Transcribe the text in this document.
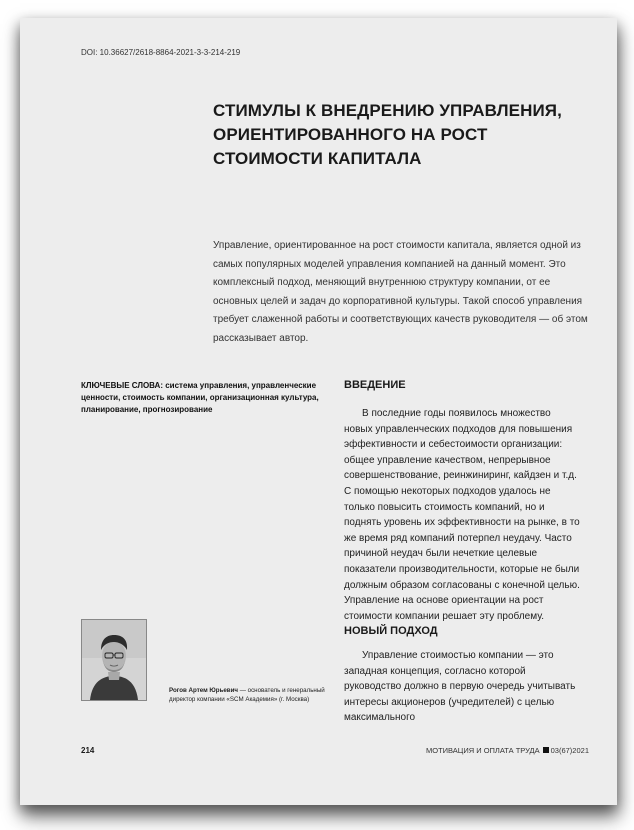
DOI: 10.36627/2618-8864-2021-3-3-214-219
СТИМУЛЫ К ВНЕДРЕНИЮ УПРАВЛЕНИЯ, ОРИЕНТИРОВАННОГО НА РОСТ СТОИМОСТИ КАПИТАЛА
Управление, ориентированное на рост стоимости капитала, является одной из самых популярных моделей управления компанией на данный момент. Это комплексный подход, меняющий внутреннюю структуру компании, от ее основных целей и задач до корпоративной культуры. Такой способ управления требует слаженной работы и соответствующих качеств руководителя — об этом рассказывает автор.
КЛЮЧЕВЫЕ СЛОВА: система управления, управленческие ценности, стоимость компании, организационная культура, планирование, прогнозирование
ВВЕДЕНИЕ

В последние годы появилось множество новых управленческих подходов для повышения эффективности и себестоимости организации: общее управление качеством, непрерывное совершенствование, реинжиниринг, кайдзен и т.д. С помощью некоторых подходов удалось не только повысить стоимость компаний, но и поднять уровень их эффективности на рынке, в то же время ряд компаний потерпел неудачу. Часто причиной неудач были нечеткие целевые показатели производительности, которые не были должным образом согласованы с конечной целью. Управление на основе ориентации на рост стоимости компании решает эту проблему.

НОВЫЙ ПОДХОД

Управление стоимостью компании — это западная концепция, согласно которой руководство должно в первую очередь учитывать интересы акционеров (учредителей) с целью максимального

Рогов Артем Юрьевич — основатель и генеральный директор компании «SCM Академия» (г. Москва)
214	МОТИВАЦИЯ И ОПЛАТА ТРУДА 03(67)2021
